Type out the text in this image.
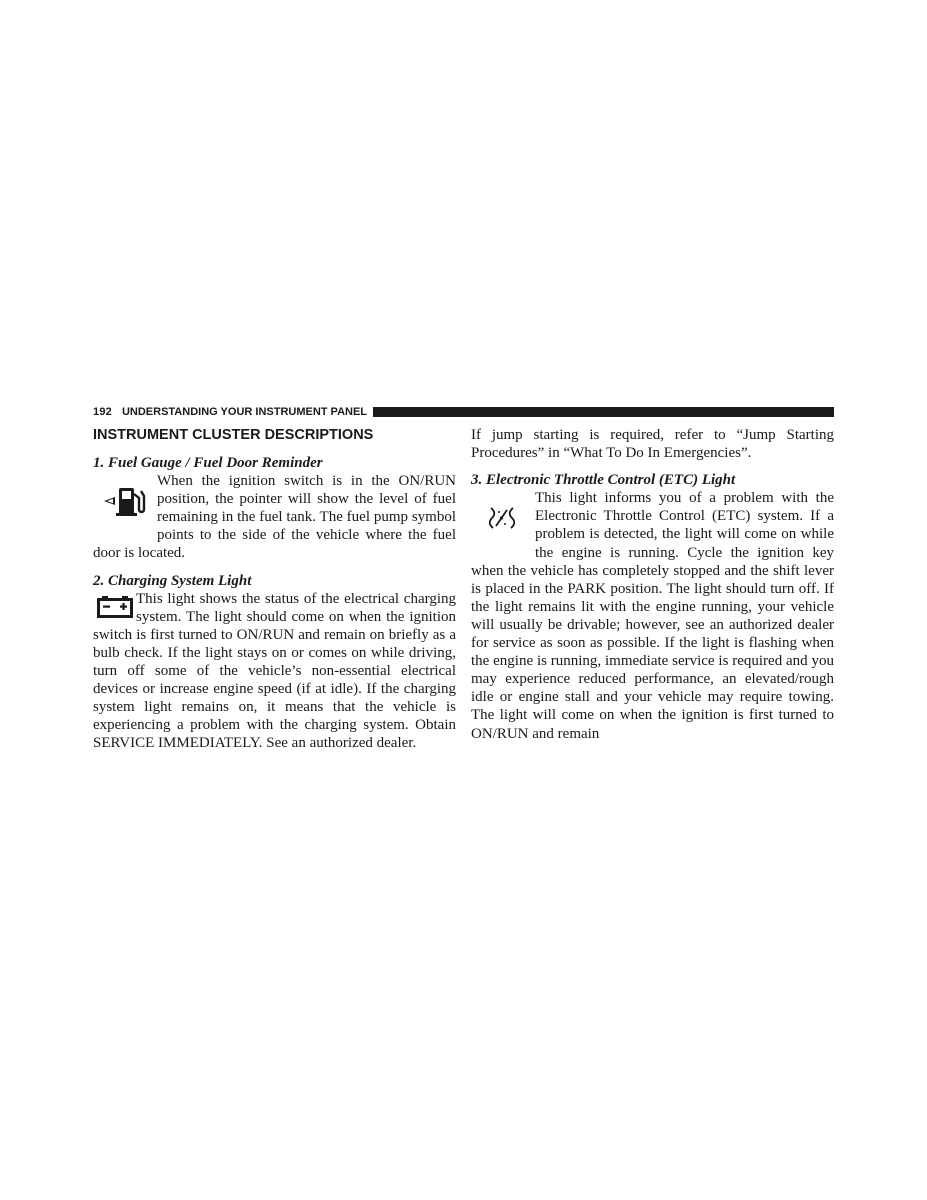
192 UNDERSTANDING YOUR INSTRUMENT PANEL
INSTRUMENT CLUSTER DESCRIPTIONS
1. Fuel Gauge / Fuel Door Reminder

When the ignition switch is in the ON/RUN position, the pointer will show the level of fuel remaining in the fuel tank. The fuel pump symbol points to the side of the vehicle where the fuel door is located.

2. Charging System Light

This light shows the status of the electrical charging system. The light should come on when the ignition switch is first turned to ON/RUN and remain on briefly as a bulb check. If the light stays on or comes on while driving, turn off some of the vehicle’s non-essential electrical devices or increase engine speed (if at idle). If the charging system light remains on, it means that the vehicle is experiencing a problem with the charging system. Obtain SERVICE IMMEDIATELY. See an authorized dealer.

If jump starting is required, refer to “Jump Starting Procedures” in “What To Do In Emergencies”.

3. Electronic Throttle Control (ETC) Light

This light informs you of a problem with the Electronic Throttle Control (ETC) system. If a problem is detected, the light will come on while the engine is running. Cycle the ignition key when the vehicle has completely stopped and the shift lever is placed in the PARK position. The light should turn off. If the light remains lit with the engine running, your vehicle will usually be drivable; however, see an authorized dealer for service as soon as possible. If the light is flashing when the engine is running, immediate service is required and you may experience reduced performance, an elevated/rough idle or engine stall and your vehicle may require towing. The light will come on when the ignition is first turned to ON/RUN and remain
